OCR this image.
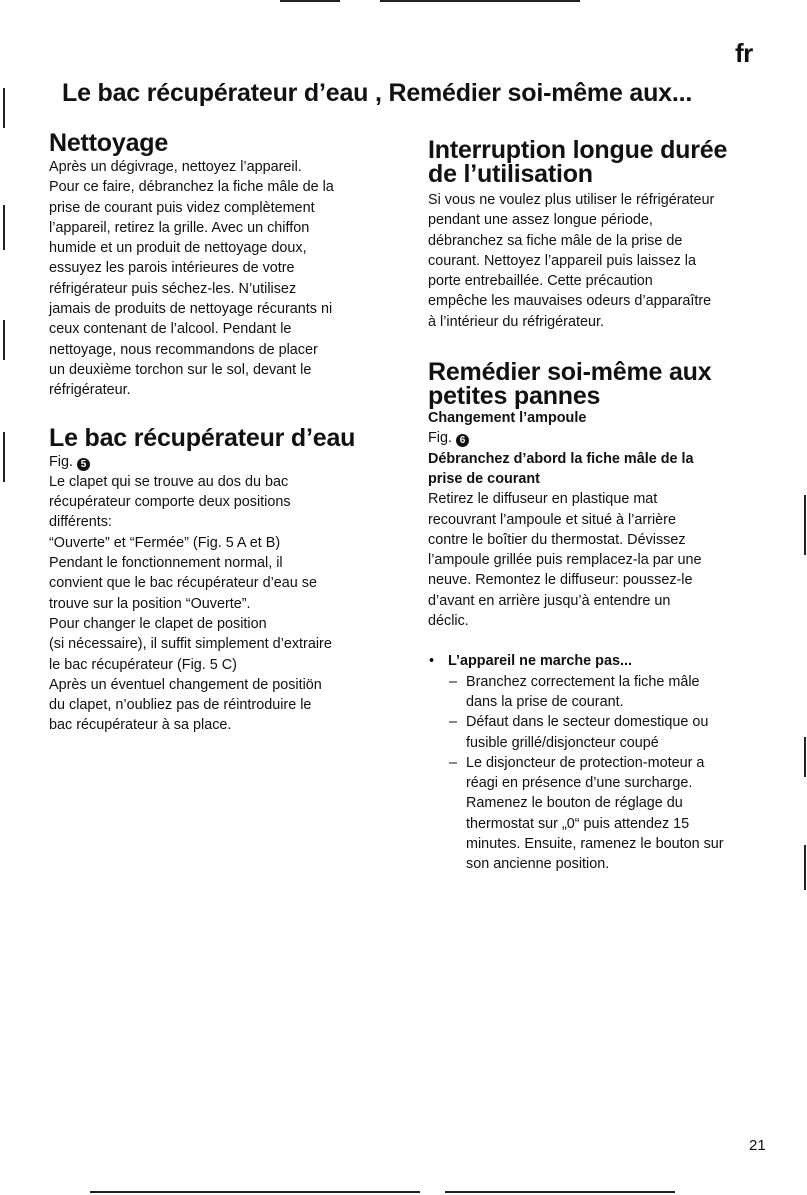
fr
Le bac récupérateur d’eau , Remédier soi-même aux...
Nettoyage

Après un dégivrage, nettoyez l’appareil.
Pour ce faire, débranchez la fiche mâle de la
prise de courant puis videz complètement
l’appareil, retirez la grille. Avec un chiffon
humide et un produit de nettoyage doux,
essuyez les parois intérieures de votre
réfrigérateur puis séchez-les. N’utilisez
jamais de produits de nettoyage récurants ni
ceux contenant de l’alcool. Pendant le
nettoyage, nous recommandons de placer
un deuxième torchon sur le sol, devant le
réfrigérateur.

Le bac récupérateur d’eau

Fig. 5

Le clapet qui se trouve au dos du bac
récupérateur comporte deux positions
différents:
“Ouverte” et “Fermée” (Fig. 5 A et B)
Pendant le fonctionnement normal, il
convient que le bac récupérateur d’eau se
trouve sur la position “Ouverte”.
Pour changer le clapet de position
(si nécessaire), il suffit simplement d’extraire
le bac récupérateur (Fig. 5 C)
Après un éventuel changement de positiön
du clapet, n’oubliez pas de réintroduire le
bac récupérateur à sa place.

Interruption longue durée
de l’utilisation

Si vous ne voulez plus utiliser le réfrigérateur
pendant une assez longue période,
débranchez sa fiche mâle de la prise de
courant. Nettoyez l’appareil puis laissez la
porte entrebaillée. Cette précaution
empêche les mauvaises odeurs d’apparaître
à l’intérieur du réfrigérateur.

Remédier soi-même aux
petites pannes
Changement l’ampoule

Fig. 6

Débranchez d’abord la fiche mâle de la
prise de courant

Retirez le diffuseur en plastique mat
recouvrant l’ampoule et situé à l’arrière
contre le boîtier du thermostat. Dévissez
l’ampoule grillée puis remplacez-la par une
neuve. Remontez le diffuseur: poussez-le
d’avant en arrière jusqu’à entendre un
déclic.

• L’appareil ne marche pas...
– Branchez correctement la fiche mâle
dans la prise de courant.
– Défaut dans le secteur domestique ou
fusible grillé/disjoncteur coupé
– Le disjoncteur de protection-moteur a
réagi en présence d’une surcharge.
Ramenez le bouton de réglage du
thermostat sur „0“ puis attendez 15
minutes. Ensuite, ramenez le bouton sur
son ancienne position.
21
